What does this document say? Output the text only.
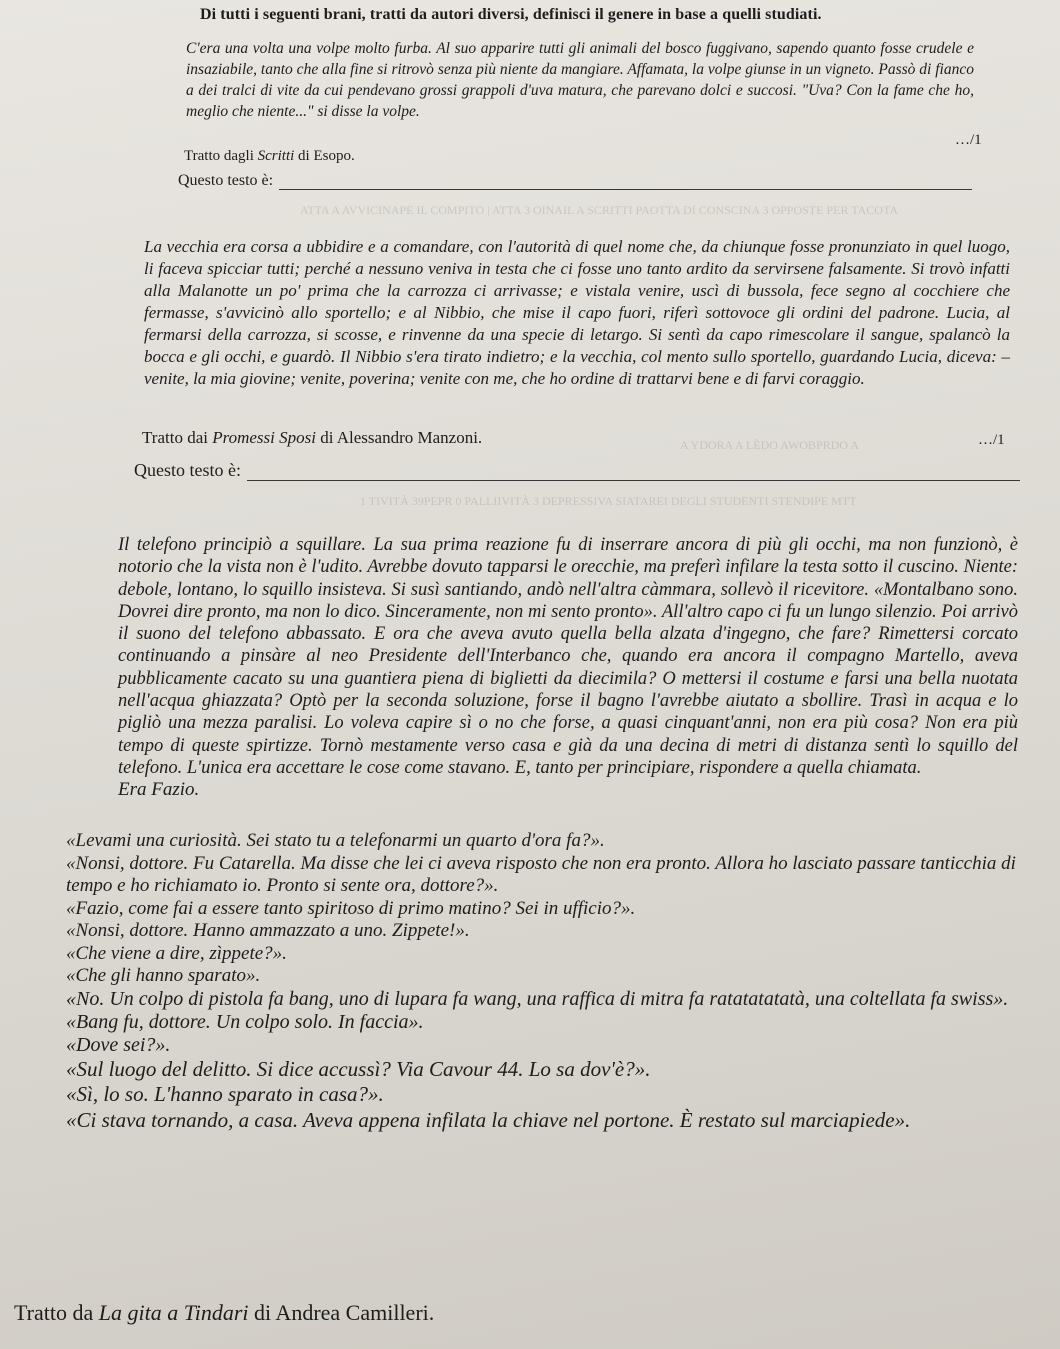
ATTA A AVVICINAPE IL COMPITO | ATTA 3 OINAIL A SCRITTI PAOTTA DI CONSCINA 3 OPPOSTE PER TACOTA
A YDORA A LÈDO AWOBPRDO A
1 TIVITÀ 39PEPR 0 PALLIIVITÀ 3 DEPRESSIVA SIATAREI DEGLI STUDENTI STENDIPE MTT
Di tutti i seguenti brani, tratti da autori diversi, definisci il genere in base a quelli studiati.

C'era una volta una volpe molto furba. Al suo apparire tutti gli animali del bosco fuggivano, sapendo quanto fosse crudele e insaziabile, tanto che alla fine si ritrovò senza più niente da mangiare. Affamata, la volpe giunse in un vigneto. Passò di fianco a dei tralci di vite da cui pendevano grossi grappoli d'uva matura, che parevano dolci e succosi. "Uva? Con la fame che ho, meglio che niente..." si disse la volpe.

…/1
Tratto dagli Scritti di Esopo.
Questo testo è:

La vecchia era corsa a ubbidire e a comandare, con l'autorità di quel nome che, da chiunque fosse pronunziato in quel luogo, li faceva spicciar tutti; perché a nessuno veniva in testa che ci fosse uno tanto ardito da servirsene falsamente. Si trovò infatti alla Malanotte un po' prima che la carrozza ci arrivasse; e vistala venire, uscì di bussola, fece segno al cocchiere che fermasse, s'avvicinò allo sportello; e al Nibbio, che mise il capo fuori, riferì sottovoce gli ordini del padrone. Lucia, al fermarsi della carrozza, si scosse, e rinvenne da una specie di letargo. Si sentì da capo rimescolare il sangue, spalancò la bocca e gli occhi, e guardò. Il Nibbio s'era tirato indietro; e la vecchia, col mento sullo sportello, guardando Lucia, diceva: – venite, la mia giovine; venite, poverina; venite con me, che ho ordine di trattarvi bene e di farvi coraggio.

…/1
Tratto dai Promessi Sposi di Alessandro Manzoni.
Questo testo è:

Il telefono principiò a squillare. La sua prima reazione fu di inserrare ancora di più gli occhi, ma non funzionò, è notorio che la vista non è l'udito. Avrebbe dovuto tapparsi le orecchie, ma preferì infilare la testa sotto il cuscino. Niente: debole, lontano, lo squillo insisteva. Si susì santiando, andò nell'altra càmmara, sollevò il ricevitore. «Montalbano sono. Dovrei dire pronto, ma non lo dico. Sinceramente, non mi sento pronto». All'altro capo ci fu un lungo silenzio. Poi arrivò il suono del telefono abbassato. E ora che aveva avuto quella bella alzata d'ingegno, che fare? Rimettersi corcato continuando a pinsàre al neo Presidente dell'Interbanco che, quando era ancora il compagno Martello, aveva pubblicamente cacato su una guantiera piena di biglietti da diecimila? O mettersi il costume e farsi una bella nuotata nell'acqua ghiazzata? Optò per la seconda soluzione, forse il bagno l'avrebbe aiutato a sbollire. Trasì in acqua e lo pigliò una mezza paralisi. Lo voleva capire sì o no che forse, a quasi cinquant'anni, non era più cosa? Non era più tempo di queste spirtizze. Tornò mestamente verso casa e già da una decina di metri di distanza sentì lo squillo del telefono. L'unica era accettare le cose come stavano. E, tanto per principiare, rispondere a quella chiamata.

Era Fazio.

«Levami una curiosità. Sei stato tu a telefonarmi un quarto d'ora fa?».

«Nonsi, dottore. Fu Catarella. Ma disse che lei ci aveva risposto che non era pronto. Allora ho lasciato passare tanticchia di tempo e ho richiamato io. Pronto si sente ora, dottore?».

«Fazio, come fai a essere tanto spiritoso di primo matino? Sei in ufficio?».

«Nonsi, dottore. Hanno ammazzato a uno. Zippete!».

«Che viene a dire, zìppete?».

«Che gli hanno sparato».

«No. Un colpo di pistola fa bang, uno di lupara fa wang, una raffica di mitra fa ratatatatatà, una coltellata fa swiss».

«Bang fu, dottore. Un colpo solo. In faccia».

«Dove sei?».

«Sul luogo del delitto. Si dice accussì? Via Cavour 44. Lo sa dov'è?».

«Sì, lo so. L'hanno sparato in casa?».

«Ci stava tornando, a casa. Aveva appena infilata la chiave nel portone. È restato sul marciapiede».

Tratto da La gita a Tindari di Andrea Camilleri.
